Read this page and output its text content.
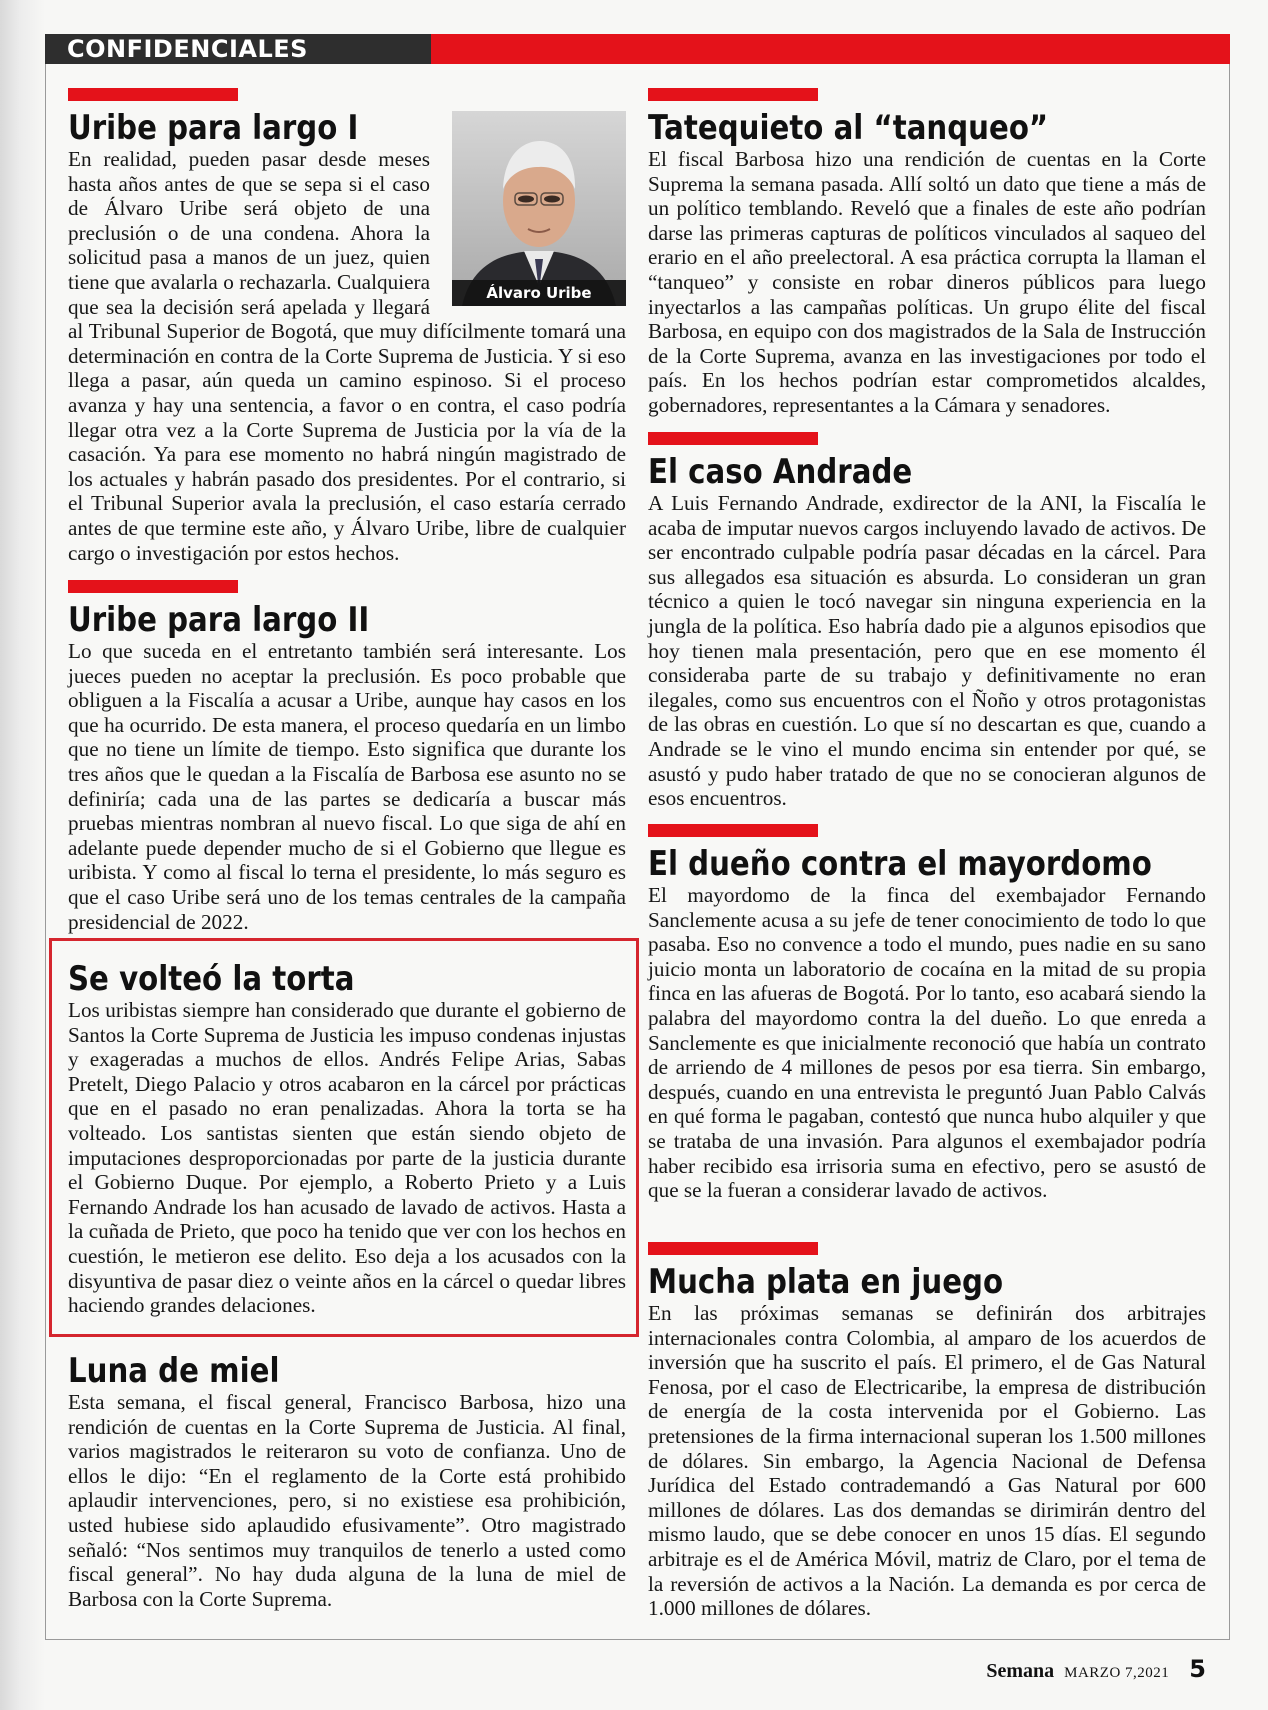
CONFIDENCIALES
Álvaro Uribe
Uribe para largo I

En realidad, pueden pasar desde meses hasta años antes de que se sepa si el caso de Álvaro Uribe será objeto de una preclusión o de una condena. Ahora la solicitud pasa a manos de un juez, quien tiene que avalarla o rechazarla. Cualquiera que sea la decisión será apelada y llegará al Tribunal Superior de Bogotá, que muy difícilmente tomará una determinación en contra de la Corte Suprema de Justicia. Y si eso llega a pasar, aún queda un camino espinoso. Si el proceso avanza y hay una sentencia, a favor o en contra, el caso podría llegar otra vez a la Corte Suprema de Justicia por la vía de la casación. Ya para ese momento no habrá ningún magistrado de los actuales y habrán pasado dos presidentes. Por el contrario, si el Tribunal Superior avala la preclusión, el caso estaría cerrado antes de que termine este año, y Álvaro Uribe, libre de cualquier cargo o investigación por estos hechos.

Uribe para largo II

Lo que suceda en el entretanto también será interesante. Los jueces pueden no aceptar la preclusión. Es poco probable que obliguen a la Fiscalía a acusar a Uribe, aunque hay casos en los que ha ocurrido. De esta manera, el proceso quedaría en un limbo que no tiene un límite de tiempo. Esto significa que durante los tres años que le quedan a la Fiscalía de Barbosa ese asunto no se definiría; cada una de las partes se dedicaría a buscar más pruebas mientras nombran al nuevo fiscal. Lo que siga de ahí en adelante puede depender mucho de si el Gobierno que llegue es uribista. Y como al fiscal lo terna el presidente, lo más seguro es que el caso Uribe será uno de los temas centrales de la campaña presidencial de 2022.

Se volteó la torta

Los uribistas siempre han considerado que durante el gobierno de Santos la Corte Suprema de Justicia les impuso condenas injustas y exageradas a muchos de ellos. Andrés Felipe Arias, Sabas Pretelt, Diego Palacio y otros acabaron en la cárcel por prácticas que en el pasado no eran penalizadas. Ahora la torta se ha volteado. Los santistas sienten que están siendo objeto de imputaciones desproporcionadas por parte de la justicia durante el Gobierno Duque. Por ejemplo, a Roberto Prieto y a Luis Fernando Andrade los han acusado de lavado de activos. Hasta a la cuñada de Prieto, que poco ha tenido que ver con los hechos en cuestión, le metieron ese delito. Eso deja a los acusados con la disyuntiva de pasar diez o veinte años en la cárcel o quedar libres haciendo grandes delaciones.

Luna de miel

Esta semana, el fiscal general, Francisco Barbosa, hizo una rendición de cuentas en la Corte Suprema de Justicia. Al final, varios magistrados le reiteraron su voto de confianza. Uno de ellos le dijo: “En el reglamento de la Corte está prohibido aplaudir intervenciones, pero, si no existiese esa prohibición, usted hubiese sido aplaudido efusivamente”. Otro magistrado señaló: “Nos sentimos muy tranquilos de tenerlo a usted como fiscal general”. No hay duda alguna de la luna de miel de Barbosa con la Corte Suprema.

Tatequieto al “tanqueo”

El fiscal Barbosa hizo una rendición de cuentas en la Corte Suprema la semana pasada. Allí soltó un dato que tiene a más de un político temblando. Reveló que a finales de este año podrían darse las primeras capturas de políticos vinculados al saqueo del erario en el año preelectoral. A esa práctica corrupta la llaman el “tanqueo” y consiste en robar dineros públicos para luego inyectarlos a las campañas políticas. Un grupo élite del fiscal Barbosa, en equipo con dos magistrados de la Sala de Instrucción de la Corte Suprema, avanza en las investigaciones por todo el país. En los hechos podrían estar comprometidos alcaldes, gobernadores, representantes a la Cámara y senadores.

El caso Andrade

A Luis Fernando Andrade, exdirector de la ANI, la Fiscalía le acaba de imputar nuevos cargos incluyendo lavado de activos. De ser encontrado culpable podría pasar décadas en la cárcel. Para sus allegados esa situación es absurda. Lo consideran un gran técnico a quien le tocó navegar sin ninguna experiencia en la jungla de la política. Eso habría dado pie a algunos episodios que hoy tienen mala presentación, pero que en ese momento él consideraba parte de su trabajo y definitivamente no eran ilegales, como sus encuentros con el Ñoño y otros protagonistas de las obras en cuestión. Lo que sí no descartan es que, cuando a Andrade se le vino el mundo encima sin entender por qué, se asustó y pudo haber tratado de que no se conocieran algunos de esos encuentros.

El dueño contra el mayordomo

El mayordomo de la finca del exembajador Fernando Sanclemente acusa a su jefe de tener conocimiento de todo lo que pasaba. Eso no convence a todo el mundo, pues nadie en su sano juicio monta un laboratorio de cocaína en la mitad de su propia finca en las afueras de Bogotá. Por lo tanto, eso acabará siendo la palabra del mayordomo contra la del dueño. Lo que enreda a Sanclemente es que inicialmente reconoció que había un contrato de arriendo de 4 millones de pesos por esa tierra. Sin embargo, después, cuando en una entrevista le preguntó Juan Pablo Calvás en qué forma le pagaban, contestó que nunca hubo alquiler y que se trataba de una invasión. Para algunos el exembajador podría haber recibido esa irrisoria suma en efectivo, pero se asustó de que se la fueran a considerar lavado de activos.

Mucha plata en juego

En las próximas semanas se definirán dos arbitrajes internacionales contra Colombia, al amparo de los acuerdos de inversión que ha suscrito el país. El primero, el de Gas Natural Fenosa, por el caso de Electricaribe, la empresa de distribución de energía de la costa intervenida por el Gobierno. Las pretensiones de la firma internacional superan los 1.500 millones de dólares. Sin embargo, la Agencia Nacional de Defensa Jurídica del Estado contrademandó a Gas Natural por 600 millones de dólares. Las dos demandas se dirimirán dentro del mismo laudo, que se debe conocer en unos 15 días. El segundo arbitraje es el de América Móvil, matriz de Claro, por el tema de la reversión de activos a la Nación. La demanda es por cerca de 1.000 millones de dólares.

Semana MARZO 7,2021 5
